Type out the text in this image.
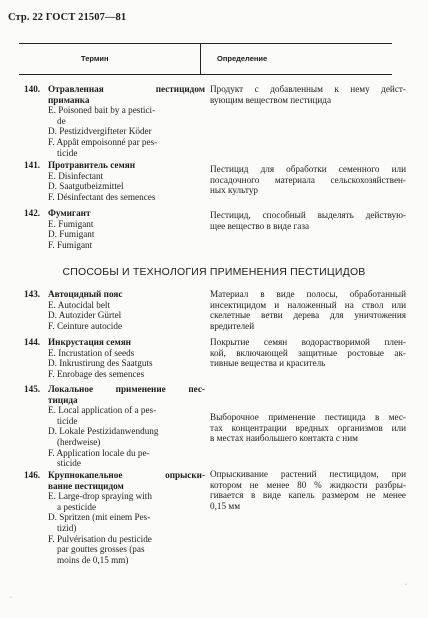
Стр. 22 ГОСТ 21507—81
Термин	Определение
140. Отравленная пестицидом
приманка
E. Poisoned bait by a pestici-
de
D. Pestizidvergifteter Köder
F. Appât empoisonné par pes-
ticide
Продукт с добавленным к нему дейст-
вующим веществом пестицида
141. Протравитель семян
E. Disinfectant
D. Saatgutbeizmittel
F. Désinfectant des semences
Пестицид для обработки семенного или
посадочного материала сельскохозяйствен-
ных культур
142. Фумигант
E. Fumigant
D. Fumigant
F. Fumigant
Пестицид, способный выделять действую-
щее вещество в виде газа
СПОСОБЫ И ТЕХНОЛОГИЯ ПРИМЕНЕНИЯ ПЕСТИЦИДОВ
143. Автоцидный пояс
E. Autocidal belt
D. Autozider Gürtel
F. Ceinture autocide
Материал в виде полосы, обработанный
инсектицидом и наложенный на ствол или
скелетные ветви дерева для уничтожения
вредителей
144. Инкрустация семян
E. Incrustation of seeds
D. Inkrustirung des Saatguts
F. Enrobage des semences
Покрытие семян водорастворимой плен-
кой, включающей защитные ростовые ак-
тивные вещества и краситель
145. Локальное применение пес-
тицида
E. Local application of a pes-
ticide
D. Lokale Pestizidanwendung
(herdweise)
F. Application locale du pe-
sticide
Выборочное применение пестицида в мес-
тах концентрации вредных организмов или
в местах наибольшего контакта с ним
146. Крупнокапельное опрыски-
вание пестицидом
E. Large-drop spraying with
a pesticide
D. Spritzen (mit einem Pes-
tizid)
F. Pulvérisation du pesticide
par gouttes grosses (pas
moins de 0,15 mm)
Опрыскивание растений пестицидом, при
котором не менее 80 % жидкости разбры-
гивается в виде капель размером не менее
0,15 мм
·
·
